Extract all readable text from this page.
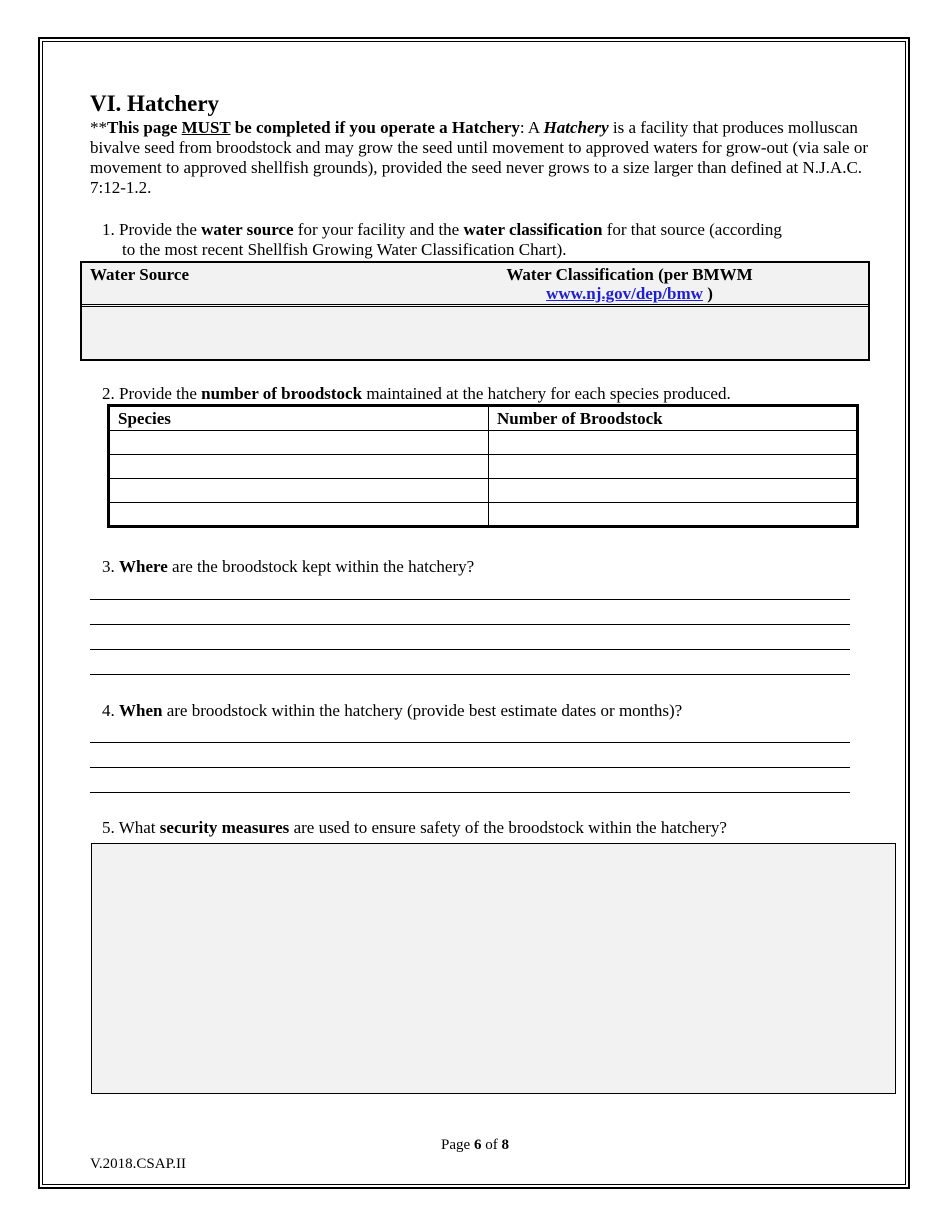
VI. Hatchery
**This page MUST be completed if you operate a Hatchery: A Hatchery is a facility that produces molluscan bivalve seed from broodstock and may grow the seed until movement to approved waters for grow-out (via sale or movement to approved shellfish grounds), provided the seed never grows to a size larger than defined at N.J.A.C. 7:12-1.2.
1. Provide the water source for your facility and the water classification for that source (according
to the most recent Shellfish Growing Water Classification Chart).
Water Source	Water Classification (per BMWM
www.nj.gov/dep/bmw )
2. Provide the number of broodstock maintained at the hatchery for each species produced.
Species	Number of Broodstock

3. Where are the broodstock kept within the hatchery?
4. When are broodstock within the hatchery (provide best estimate dates or months)?
5. What security measures are used to ensure safety of the broodstock within the hatchery?
Page 6 of 8
V.2018.CSAP.II
